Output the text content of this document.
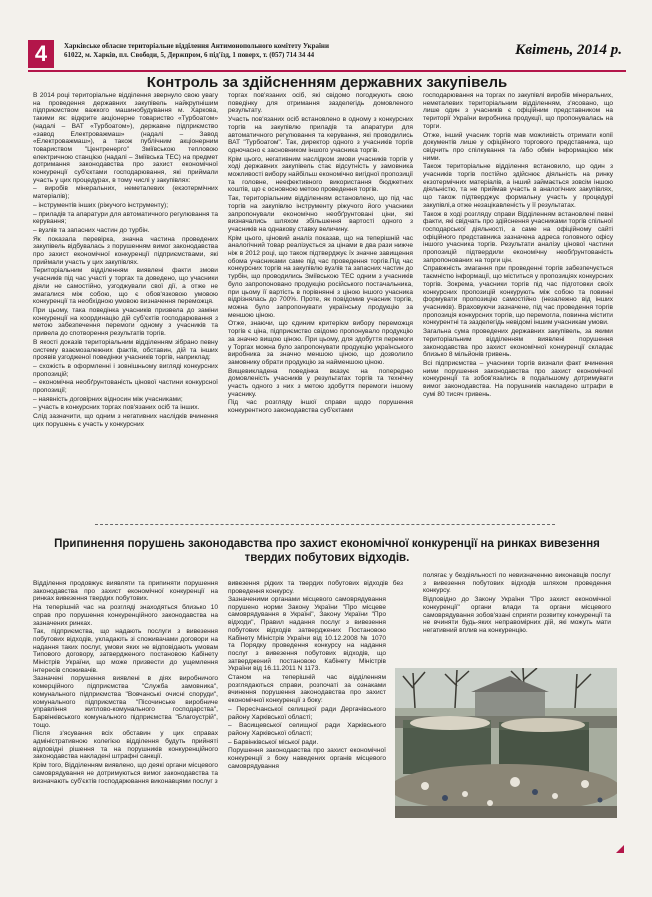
4	Харківське обласне територіальне відділення Антимонопольного комітету України
61022, м. Харків, пл. Свободи, 5, Держпром, 6 під'їзд, 1 поверх, т. (057) 714 34 44	Квітень, 2014 р.
Контроль за здійсненням державних закупівель

В 2014 році територіальне відділення звернуло свою увагу на проведення державних закупівель найкрупнішим підприємством важкого машинобудування м. Харкова, такими як: відкрите акціонерне товариство «Турбоатом» (надалі – ВАТ «Турбоатом»), державне підприємство «завод Електроважмаш» (надалі – Завод «Електроважмаш»), а також публічним акціонерним товариством "Центренерго" Зміївською тепловою електричною станцією (надалі – Зміївська ТЕС) на предмет дотримання законодавства про захист економічної конкуренції суб'єктами господарювання, які приймали участь у цих процедурах, в тому числі у закупівлях:

– виробів мінеральних, неметалевих (екзотермічних матеріалів);

– інструментів інших (ріжучого інструменту);

– приладів та апаратури для автоматичного регулювання та керування;

– вузлів та запасних частин до турбін.

Як показала перевірка, значна частина проведених закупівель відбувалась з порушенням вимог законодавства про захист економічної конкуренції підприємствами, які приймали участь у цих закупівлях.

Територіальним відділенням виявлені факти змови учасників під час участі у торгах та доведено, що учасники діяли не самостійно, узгоджували свої дії, а отже не змагалися між собою, що є обов'язковою умовою конкуренції та необхідною умовою визначення переможця.

При цьому, така поведінка учасників призвела до заміни конкуренції на координацію дій суб'єктів господарювання з метою забезпечення перемоги одному з учасників та привела до спотворення результатів торгів.

В якості доказів територіальним відділенням зібрано певну систему взаємозалежних фактів, обставин, дій та інших проявів узгодженої поведінки учасників торгів, наприклад:

– схожість в оформленні і зовнішньому вигляді конкурсних пропозицій;

– економічна необґрунтованість цінової частини конкурсної пропозиції;

– наявність договірних відносин між учасниками;

– участь в конкурсних торгах пов'язаних осіб та інших.

Слід зазначити, що одним з негативних наслідків вчинення цих порушень є участь у конкурсних

торгах пов'язаних осіб, які свідомо погоджують свою поведінку для отримання зазделегідь домовленого результату.

Участь пов'язаних осіб встановлено в одному з конкурсних торгів на закупівлю приладів та апаратури для автоматичного регулювання та керування, які проводились ВАТ "Турбоатом". Так, директор одного з учасників торгів одночасно є засновником іншого учасника торгів.

Крім цього, негативним наслідком змови учасників торгів у ході державних закупівель стає відсутність у замовника можливості вибору найбільш економічно вигідної пропозиції та головне, неефективного використання бюджетних коштів, що є основною метою проведення торгів.

Так, територіальним відділенням встановлено, що під час торгів на закупівлю інструменту ріжучого його учасники запропонували економічно необґрунтовані ціни, які визначались шляхом збільшення вартості одного з учасників на однакову ставку величину.

Крім цього, ціновий аналіз показав, що на теперішній час аналогічний товар реалізується за цінами в два рази нижче ніж в 2012 році, що також підтверджує їх значне завищення обома учасниками саме під час проведення торгів.Під час конкурсних торгів на закупівлю вузлів та запасних частин до турбін, що проводились Зміївською ТЕС одним з учасників було запропоновано продукцію російського постачальника, при цьому її вартість в порівнянні з ціною іншого учасника відрізнялась до 700%. Проте, як повідомив учасник торгів, можна було запропонувати українську продукцію за меншою ціною.

Отже, знаючи, що єдиним критерієм вибору переможця торгів є ціна, підприємство свідомо пропонувало продукцію за значно вищою ціною. При цьому, для здобуття перемоги у Торгах можна було запропонувати продукцію українського виробника за значно меншою ціною, що дозволило замовнику обрати продукцію за найменшою ціною.

Вищевикладена поведінка вказує на попередню домовленість учасників у результатах торгів та технічну участь одного з них з метою здобуття перемоги іншому учаснику.

Під час розгляду іншої справи щодо порушення конкурентного законодавства суб'єктами

господарювання на торгах по закупівлі виробів мінеральних, неметалевих територіальним відділенням, з'ясовано, що лише один з учасників є офіційним представником на території України виробника продукції, що пропонувалась на торги.

Отже, інший учасник торгів мав можливість отримати копії документів лише у офіційного торгового представника, що свідчить про спілкування та /або обмін інформацією між ними.

Також територіальне відділення встановило, що один з учасників торгів постійно здійснює діяльність на ринку екзотермічних матеріалів, а інший займається зовсім іншою діяльністю, та не приймав участь в аналогічних закупівлях, що також підтверджує формальну участь у процедурі закупівлі,а отже незацікавленість у її результатах.

Також в ході розгляду справи Відділенням встановлені певні факти, які свідчать про здійснення учасниками торгів спільної господарської діяльності, а саме на офіційному сайті офіційного представника зазначена адреса головного офісу іншого учасника торгів. Результати аналізу цінової частини пропозицій підтвердили економічну необґрунтованість запропонованих на торги цін.

Справжність змагання при проведенні торгів забезпечується таємністю інформації, що міститься у пропозиціях конкурсних торгів. Зокрема, учасники торгів під час підготовки своїх конкурсних пропозицій конкурують між собою та повинні формувати пропозицію самостійно (незалежно від інших учасників). Враховуючи зазначене, під час проведення торгів пропозиція конкурсних торгів, що перемогла, повинна містити конкурентні та зазделегідь невідомі іншим учасникам умови.

Загальна сума проведених державних закупівель, за якими територіальним відділенням виявлені порушення законодавства про захист економічної конкуренції складає близько 8 мільйонів гривень.

Всі підприємства – учасники торгів визнали факт вчинення ними порушення законодавства про захист економічної конкуренції та зобов'язались в подальшому дотримувати вимог законодавства. На порушників накладено штрафи в сумі 80 тисяч гривень.

Припинення порушень законодавства про захист економічної конкуренції на ринках вивезення твердих побутових відходів.

Відділення продовжує виявляти та припиняти порушення законодавства про захист економічної конкуренції на ринках вивезення твердих побутових.

На теперішній час на розгляді знаходяться близько 10 справ про порушення конкуренційного законодавства на зазначених ринках.

Так, підприємства, що надають послуги з вивезення побутових відходів, укладають зі споживачами договори на надання таких послуг, умови яких не відповідають умовам Типового договору, затвердженого постановою Кабінету Міністрів України, що може призвести до ущемлення інтересів споживачів.

Зазначені порушення виявлені в діях виробничого комерційного підприємства "Служба замовника", комунального підприємства "Вовчанські очисні споруди", комунального підприємства "Пісочинське виробниче управління житлово-комунального господарства", Барвінківського комунального підприємства "Благоустрій", тощо.

Після з'ясування всіх обставин у цих справах адміністративною колегією відділення будуть прийняті відповідні рішення та на порушників конкуренційного законодавства накладені штрафні санкції.

Крім того, Відділенням виявлено, що деякі органи місцевого самоврядування не дотримуються вимог законодавства та визначають суб'єктів господарювання виконавцями послуг з

вивезення рідких та твердих побутових відходів без проведення конкурсу.

Зазначеними органами місцевого самоврядування порушено норми Закону України "Про місцеве самоврядування в Україні", Закону України "Про відходи", Правил надання послуг з вивезення побутових відходів затверджених Постановою Кабінету Міністрів України від 10.12.2008 № 1070 та Порядку проведення конкурсу на надання послуг з вивезення побутових відходів, що затверджений постановою Кабінету Міністрів України від 16.11.2011 N 1173.

Станом на теперішній час відділенням розглядаються справи, розпочаті за ознаками вчинення порушення законодавства про захист економічної конкуренції з боку:

– Пересічанської селищної ради Дергачівського району Харківської області;

– Васищевської селищної ради Харківського району Харківської області;

– Барвінківської міської ради.

Порушення законодавства про захист економічної конкуренції з боку наведених органів місцевого самоврядування

полягає у бездіяльності по невизначенню виконавців послуг з вивезення побутових відходів шляхом проведення конкурсу.

Відповідно до Закону України "Про захист економічної конкуренції" органи влади та органи місцевого самоврядування зобов'язані сприяти розвитку конкуренції та не вчиняти будь-яких неправомірних дій, які можуть мати негативний вплив на конкуренцію.
